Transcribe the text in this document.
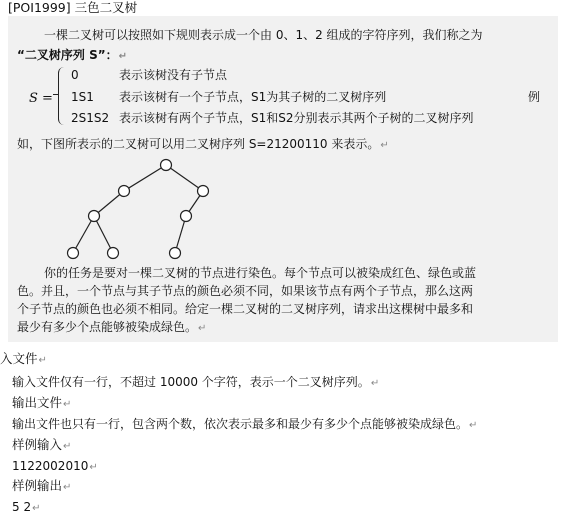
[POI1999] 三色二叉树
一棵二叉树可以按照如下规则表示成一个由 0、1、2 组成的字符序列，我们称之为
“二叉树序列 S”：↵
S =
0	表示该树没有子节点
1S1 表示该树有一个子节点，S1为其子树的二叉树序列	例
2S1S2 表示该树有两个子节点，S1和S2分别表示其两个子树的二叉树序列
如，下图所表示的二叉树可以用二叉树序列 S=21200110 来表示。↵
你的任务是要对一棵二叉树的节点进行染色。每个节点可以被染成红色、绿色或蓝
色。并且，一个节点与其子节点的颜色必须不同，如果该节点有两个子节点，那么这两
个子节点的颜色也必须不相同。给定一棵二叉树的二叉树序列，请求出这棵树中最多和
最少有多少个点能够被染成绿色。↵
入文件↵
输入文件仅有一行，不超过 10000 个字符，表示一个二叉树序列。↵
输出文件↵
输出文件也只有一行，包含两个数，依次表示最多和最少有多少个点能够被染成绿色。↵
样例输入↵
1122002010↵
样例输出↵
5 2↵
